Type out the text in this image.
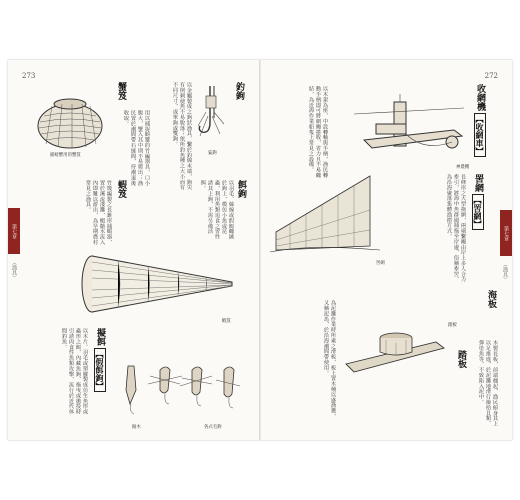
273
第七章
（漁具）
捕螃蟹用的蟹笈
蟹笈
用以捕捉螃蟹的竹編器具，口小腹大，蟹入其中則不易爬出；漁民置於潮間帶石縫間，待潮退後收取。	以金屬製成之鉤狀漁具，繫於釣線末端，鉤尖有倒刺使魚不易脫落；依所釣魚種之大小而有不同尺寸，或單鉤或雙鉤。
鯊鉤
釣鉤
蝦笈
竹篾編製之長錐形捕蝦器，置於溪流淺灘，蝦隨水流入內即難以游出，為早期農村常見之漁具。	以羽毛、絲線或假餌纏繞於鉤上，模仿小魚或昆蟲，利用魚類追食之習性誘其上鉤，不需另備活餌。	餌鉤
蝦笈
以木片、羽毛或塑膠製成仿生魚形或蟲形之餌，內藏魚鉤，拖曳或拋投時引誘肉食性魚類攻擊，流行於近代休閒釣魚。	擬餌【假餌鉤】
擬木	各式毛鉤
272
第七章
（漁具）
以木架為座，中設轉軸與手柄，漁民轉動手柄即可將網繩捲收，省力且不易纏結，為近海作業船隻上常見之設備。	收網機【收網車】
神農機
罟網	長條形之大型拖網，兩端繫繩由岸上多人合力牽引，將海中魚群圍捕拖至岸邊，俗稱牽罟，為沿海聚落集體漁撈方式。	罟網【罟網】
為泥灘作業時所乘之滑板，板上置木桶以盛漁獲，又稱泥馬，於沿海潮間帶使用。	踏板
踏板	木製長板，前端翹起，漁民俯身其上以足推進，於泥灘地滑行撿拾貝類、彈塗魚等，不致陷入泥中。
海板
